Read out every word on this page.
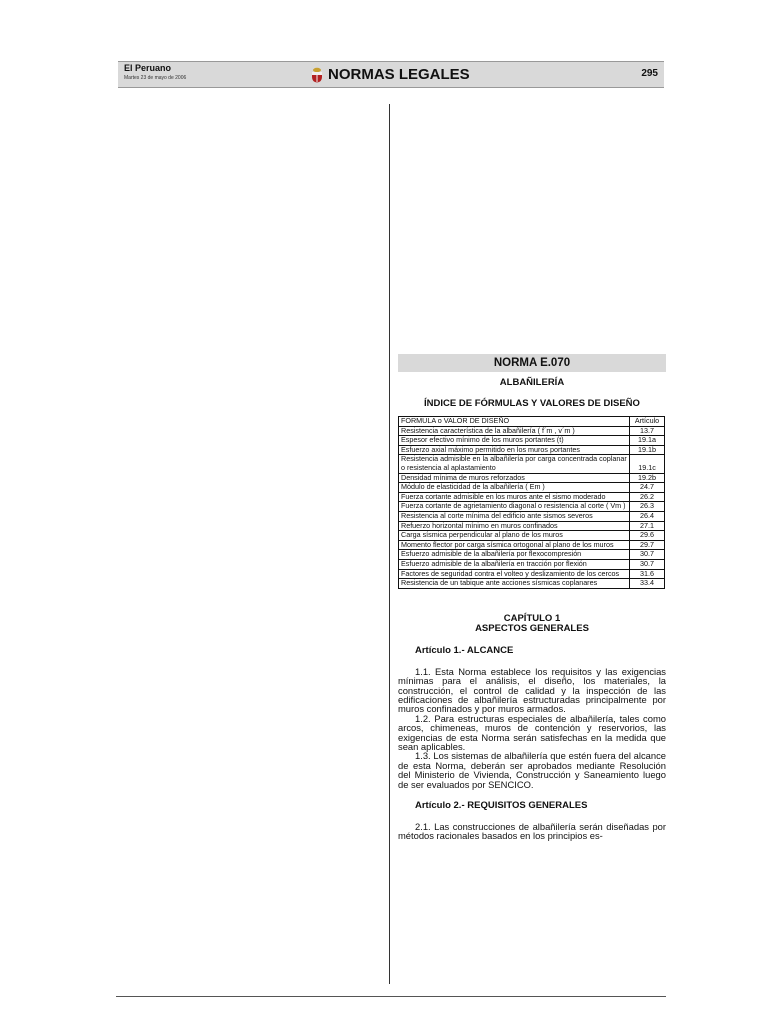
El Peruano
Martes 23 de mayo de 2006	NORMAS LEGALES	295
NORMA E.070
ALBAÑILERÍA
ÍNDICE DE FÓRMULAS Y VALORES DE DISEÑO
FORMULA o VALOR DE DISEÑO	Artículo
Resistencia característica de la albañilería ( f´m , v´m )	13.7
Espesor efectivo mínimo de los muros portantes (t)	19.1a
Esfuerzo axial máximo permitido en los muros portantes	19.1b
Resistencia admisible en la albañilería por carga concentrada coplanar o resistencia al aplastamiento	19.1c
Densidad mínima de muros reforzados	19.2b
Módulo de elasticidad de la albañilería ( Em )	24.7
Fuerza cortante admisible en los muros ante el sismo moderado	26.2
Fuerza cortante de agrietamiento diagonal o resistencia al corte ( Vm )	26.3
Resistencia al corte mínima del edificio ante sismos severos	26.4
Refuerzo horizontal mínimo en muros confinados	27.1
Carga sísmica perpendicular al plano de los muros	29.6
Momento flector por carga sísmica ortogonal al plano de los muros	29.7
Esfuerzo admisible de la albañilería por flexocompresión	30.7
Esfuerzo admisible de la albañilería en tracción por flexión	30.7
Factores de seguridad contra el volteo y deslizamiento de los cercos	31.6
Resistencia de un tabique ante acciones sísmicas coplanares	33.4
CAPÍTULO 1
ASPECTOS GENERALES
Artículo 1.- ALCANCE

1.1. Esta Norma establece los requisitos y las exigencias mínimas para el análisis, el diseño, los materiales, la construcción, el control de calidad y la inspección de las edificaciones de albañilería estructuradas principalmente por muros confinados y por muros armados.

1.2. Para estructuras especiales de albañilería, tales como arcos, chimeneas, muros de contención y reservorios, las exigencias de esta Norma serán satisfechas en la medida que sean aplicables.

1.3. Los sistemas de albañilería que estén fuera del alcance de esta Norma, deberán ser aprobados mediante Resolución del Ministerio de Vivienda, Construcción y Saneamiento luego de ser evaluados por SENCICO.

Artículo 2.- REQUISITOS GENERALES

2.1. Las construcciones de albañilería serán diseñadas por métodos racionales basados en los principios es-
